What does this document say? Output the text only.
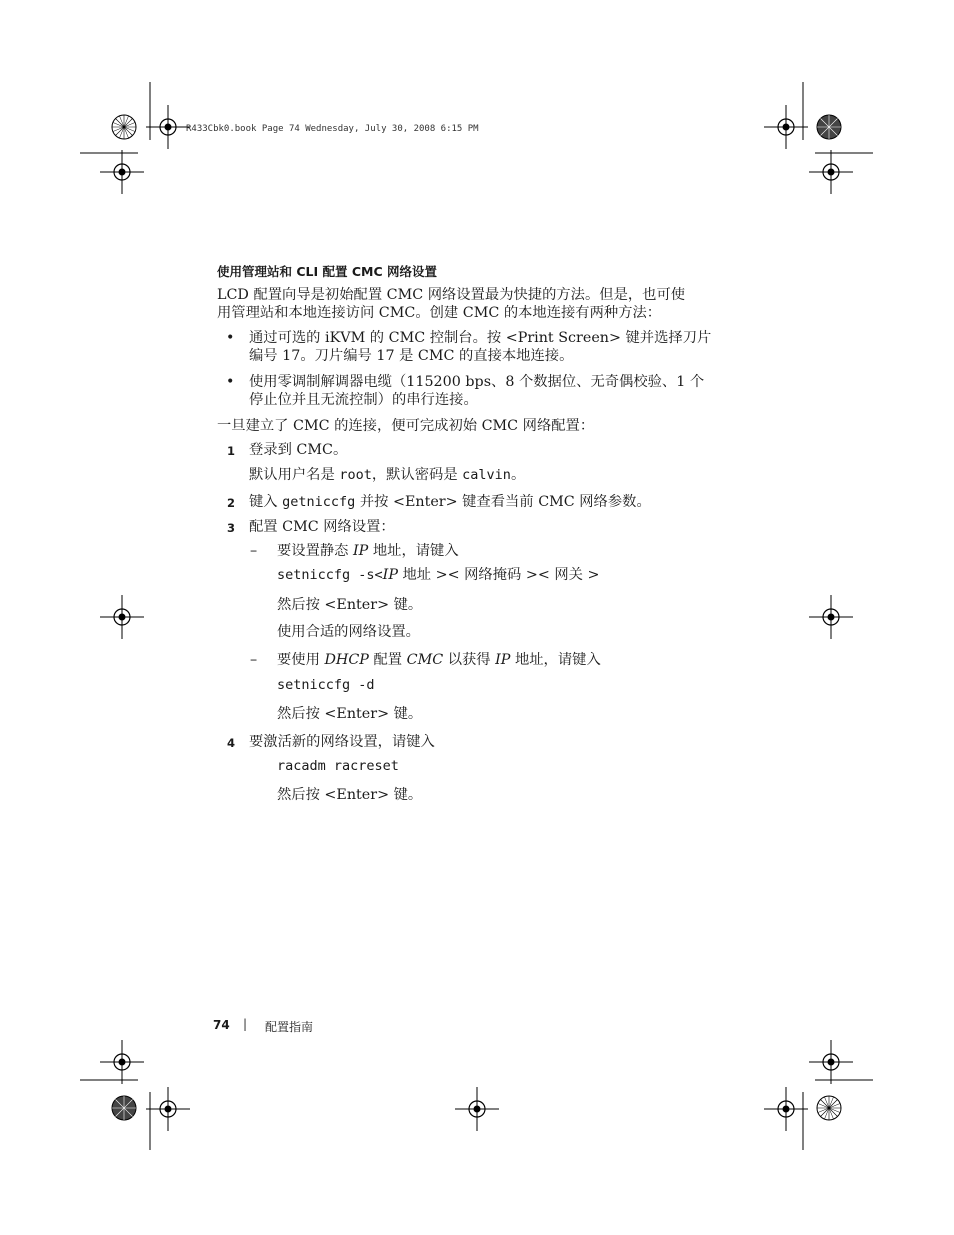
R433Cbk0.book Page 74 Wednesday, July 30, 2008 6:15 PM
使用管理站和 CLI 配置 CMC 网络设置
LCD 配置向导是初始配置 CMC 网络设置最为快捷的方法。但是，也可使
用管理站和本地连接访问 CMC。创建 CMC 的本地连接有两种方法：
• 通过可选的 iKVM 的 CMC 控制台。按 <Print Screen> 键并选择刀片
编号 17。刀片编号 17 是 CMC 的直接本地连接。
• 使用零调制解调器电缆（115200 bps、8 个数据位、无奇偶校验、1 个
停止位并且无流控制）的串行连接。
一旦建立了 CMC 的连接，便可完成初始 CMC 网络配置：
1 登录到 CMC。
默认用户名是 root，默认密码是 calvin。
2 键入 getniccfg 并按 <Enter> 键查看当前 CMC 网络参数。
3 配置 CMC 网络设置：
– 要设置静态 IP 地址，请键入
setniccfg -s<IP 地址 >< 网络掩码 >< 网关 >
然后按 <Enter> 键。
使用合适的网络设置。
– 要使用 DHCP 配置 CMC 以获得 IP 地址，请键入
setniccfg -d
然后按 <Enter> 键。
4 要激活新的网络设置，请键入
racadm racreset
然后按 <Enter> 键。
74 | 配置指南
